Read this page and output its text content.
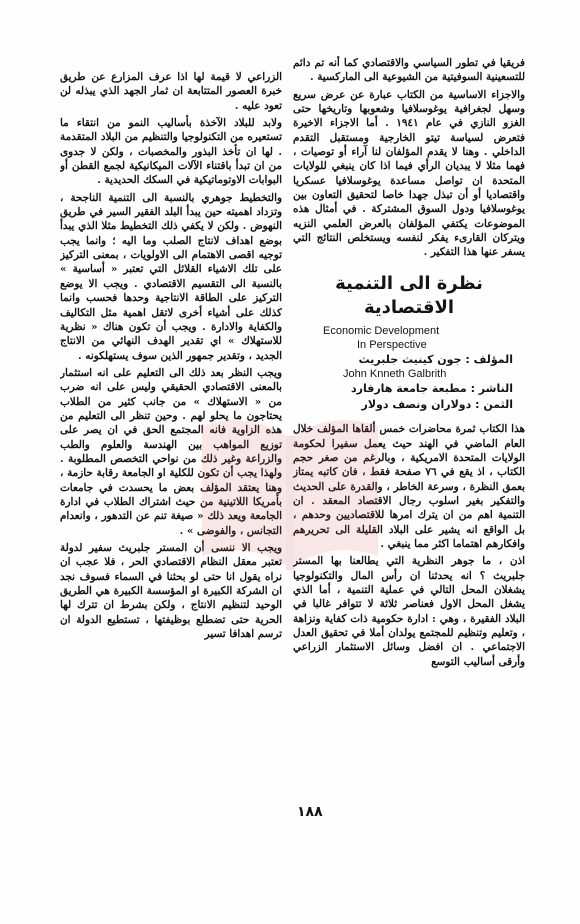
فريقيا في تطور السياسي والاقتصادي كما أنه تم دائم للتسعينية السوفيتية من الشيوعية الى الماركسية .

والاجزاء الاساسية من الكتاب عبارة عن عرض سريع وسهل لجغرافية يوغوسلافيا وشعوبها وتاريخها حتى الغزو النازي في عام ١٩٤١ . أما الاجزاء الاخيرة فتعرض لسياسة تيتو الخارجية ومستقبل التقدم الداخلي . وهنا لا يقدم المؤلفان لنا آراء أو توصيات ، فهما مثلا لا يبديان الرأي فيما اذا كان ينبغي للولايات المتحدة ان تواصل مساعدة يوغوسلافيا عسكريا واقتصاديا أو أن تبذل جهدا خاصا لتحقيق التعاون بين يوغوسلافيا ودول السوق المشتركة . في أمثال هذه الموضوعات يكتفي المؤلفان بالعرض العلمي النزيه ويتركان القارىء يفكر لنفسه ويستخلص النتائج التي يسفر عنها هذا التفكير .

نظرة الى التنمية الاقتصادية
Economic Development
In Perspective
المؤلف : جون كينيث جلبريث
John Knneth Galbrith
الناشر : مطبعة جامعة هارفارد
الثمن : دولاران ونصف دولار

هذا الكتاب ثمرة محاضرات خمس ألقاها المؤلف خلال العام الماضي في الهند حيث يعمل سفيرا لحكومة الولايات المتحدة الامريكية ، وبالرغم من صغر حجم الكتاب ، اذ يقع في ٧٦ صفحة فقط ، فان كاتبه يمتاز بعمق النظرة ، وسرعة الخاطر ، والقدرة على الحديث والتفكير بغير اسلوب رجال الاقتصاد المعقد . ان التنمية اهم من ان يترك امرها للاقتصاديين وحدهم ، بل الواقع انه يشير على البلاد القليلة الى تحريرهم وافكارهم اهتماما اكثر مما ينبغي .

اذن ، ما جوهر النظرية التي يطالعنا بها المستر جلبريث ؟ انه يحدثنا ان رأس المال والتكنولوجيا يشغلان المحل التالي في عملية التنمية ، أما الذي يشغل المحل الاول فعناصر ثلاثة لا تتوافر غالبا في البلاد الفقيرة ، وهي : ادارة حكومية ذات كفاية ونزاهة ، وتعليم وتنظيم للمجتمع يولدان أملا في تحقيق العدل الاجتماعي . ان افضل وسائل الاستثمار الزراعي وأرقى أساليب التوسع

الزراعي لا قيمة لها اذا عرف المزارع عن طريق خبرة العصور المتتابعة ان ثمار الجهد الذي يبذله لن تعود عليه .

ولابد للبلاد الآخذة بأساليب النمو من انتقاء ما تستعيره من التكنولوجيا والتنظيم من البلاد المتقدمة . لها ان تأخذ البذور والمخصبات ، ولكن لا جدوى من ان تبدأ باقتناء الآلات الميكانيكية لجمع القطن أو البوابات الاوتوماتيكية في السكك الحديدية .

والتخطيط جوهري بالنسبة الى التنمية الناجحة ، وتزداد اهميته حين يبدأ البلد الفقير السير في طريق النهوض . ولكن لا يكفي ذلك التخطيط مثلا الذي يبدأ بوضع اهداف لانتاج الصلب وما اليه ؛ وانما يجب توجيه اقصى الاهتمام الى الاولويات ، بمعنى التركيز على تلك الاشياء القلائل التي تعتبر « أساسية » بالنسبة الى التقسيم الاقتصادي . ويجب الا يوضع التركيز على الطاقة الانتاجية وحدها فحسب وانما كذلك على أشياء أخرى لاتقل اهمية مثل التكاليف والكفاية والادارة . ويجب أن تكون هناك « نظرية للاستهلاك » اي تقدير الهدف النهائي من الانتاج الجديد ، وتقدير جمهور الذين سوف يستهلكونه .

ويجب النظر بعد ذلك الى التعليم على انه استثمار بالمعنى الاقتصادي الحقيقي وليس على انه ضرب من « الاستهلاك » من جانب كثير من الطلاب يحتاجون ما يحلو لهم . وحين تنظر الى التعليم من هذه الزاوية فانه المجتمع الحق في ان يصر على توزيع المواهب بين الهندسة والعلوم والطب والزراعة وغير ذلك من نواحي التخصص المطلوبة . ولهذا يجب أن تكون للكلية او الجامعة رقابة حازمة ، وهنا يعتقد المؤلف بعض ما يحسدت في جامعات بأمريكا اللاتينية من حيث اشتراك الطلاب في ادارة الجامعة ويعد ذلك « صيغة تنم عن التدهور ، وانعدام التجانس ، والفوضى » .

ويجب الا ننسى أن المستر جلبريث سفير لدولة تعتبر معقل النظام الاقتصادي الحر ، فلا عجب ان نراه يقول انا حتى لو بحثنا في السماء فسوف نجد ان الشركة الكبيرة او المؤسسة الكبيرة هي الطريق الوحيد لتنظيم الانتاج ، ولكن بشرط ان تترك لها الحرية حتى تضطلع بوظيفتها ، تستطيع الدولة ان ترسم اهدافا تسير

١٨٨
